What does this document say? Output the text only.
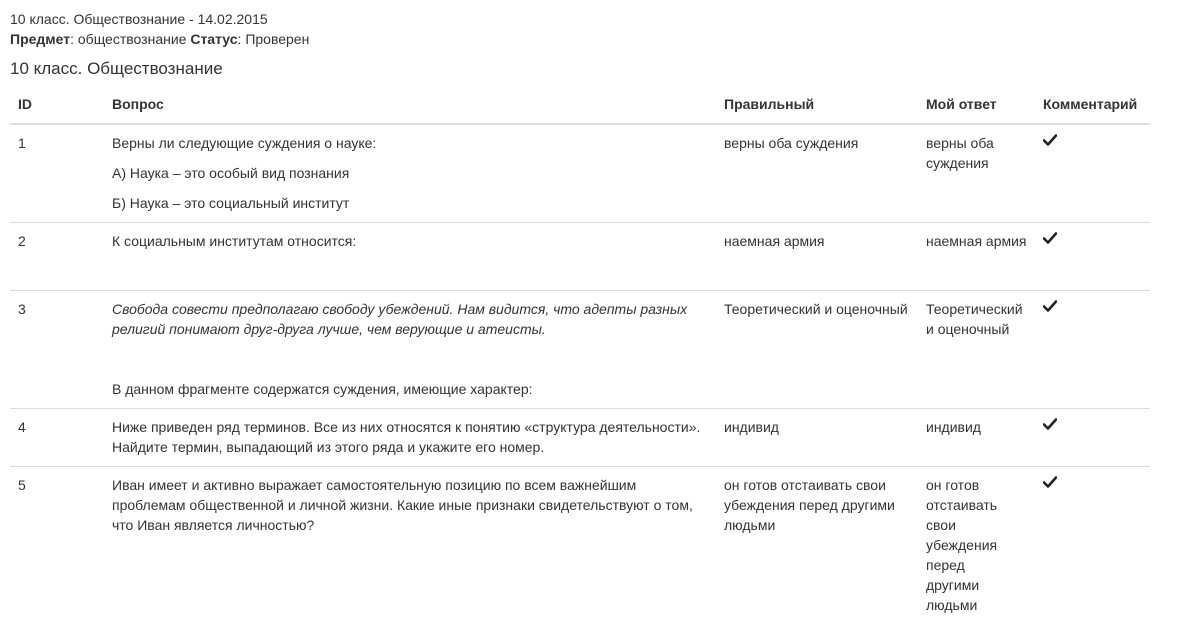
10 класс. Обществознание - 14.02.2015

Предмет: обществознание Статус: Проверен

10 класс. Обществознание
ID	Вопрос	Правильный	Мой ответ	Комментарий
1	Верны ли следующие суждения о науке:

А) Наука – это особый вид познания

Б) Наука – это социальный институт	верны оба суждения	верны оба суждения	

2	К социальным институтам относится:	наемная армия	наемная армия	

3	Свобода совести предполагаю свободу убеждений. Нам видится, что адепты разных религий понимают друг-друга лучше, чем верующие и атеисты.

В данном фрагменте содержатся суждения, имеющие характер:	Теоретический и оценочный	Теоретический и оценочный	

4	Ниже приведен ряд терминов. Все из них относятся к понятию «структура деятельности». Найдите термин, выпадающий из этого ряда и укажите его номер.	индивид	индивид	

5	Иван имеет и активно выражает самостоятельную позицию по всем важнейшим проблемам общественной и личной жизни. Какие иные признаки свидетельствуют о том, что Иван является личностью?	он готов отстаивать свои убеждения перед другими людьми	он готов отстаивать свои убеждения перед другими людьми	
